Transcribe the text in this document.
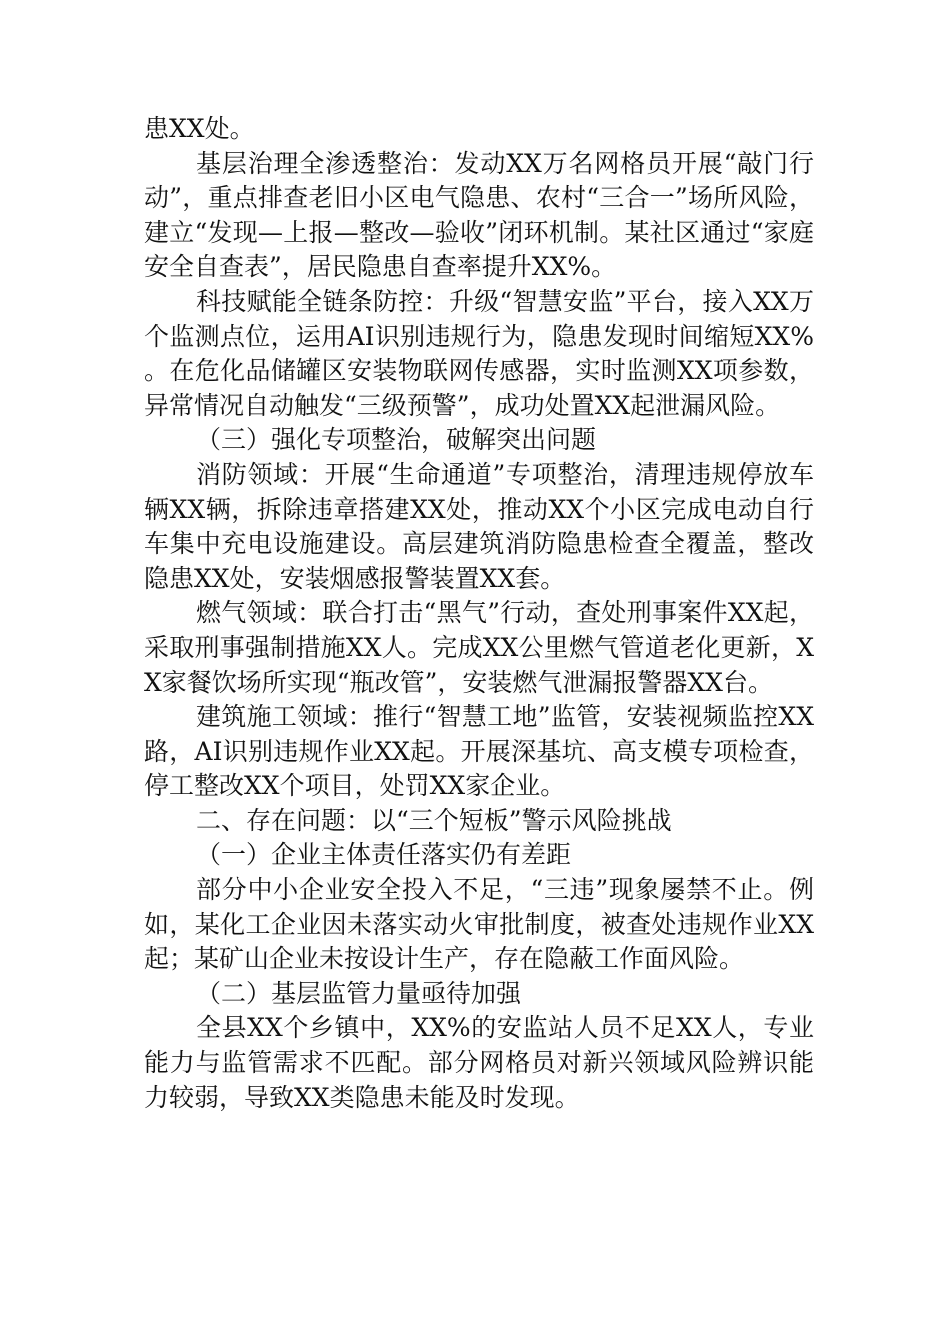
患XX处。

基层治理全渗透整治：发动XX万名网格员开展“敲门行动”，重点排查老旧小区电气隐患、农村“三合一”场所风险，建立“发现—上报—整改—验收”闭环机制。某社区通过“家庭安全自查表”，居民隐患自查率提升XX%。

科技赋能全链条防控：升级“智慧安监”平台，接入XX万个监测点位，运用AI识别违规行为，隐患发现时间缩短XX%。在危化品储罐区安装物联网传感器，实时监测XX项参数，异常情况自动触发“三级预警”，成功处置XX起泄漏风险。

（三）强化专项整治，破解突出问题

消防领域：开展“生命通道”专项整治，清理违规停放车辆XX辆，拆除违章搭建XX处，推动XX个小区完成电动自行车集中充电设施建设。高层建筑消防隐患检查全覆盖，整改隐患XX处，安装烟感报警装置XX套。

燃气领域：联合打击“黑气”行动，查处刑事案件XX起，采取刑事强制措施XX人。完成XX公里燃气管道老化更新，XX家餐饮场所实现“瓶改管”，安装燃气泄漏报警器XX台。

建筑施工领域：推行“智慧工地”监管，安装视频监控XX路，AI识别违规作业XX起。开展深基坑、高支模专项检查，停工整改XX个项目，处罚XX家企业。

二、存在问题：以“三个短板”警示风险挑战

（一）企业主体责任落实仍有差距

部分中小企业安全投入不足，“三违”现象屡禁不止。例如，某化工企业因未落实动火审批制度，被查处违规作业XX起；某矿山企业未按设计生产，存在隐蔽工作面风险。

（二）基层监管力量亟待加强

全县XX个乡镇中，XX%的安监站人员不足XX人，专业能力与监管需求不匹配。部分网格员对新兴领域风险辨识能力较弱，导致XX类隐患未能及时发现。
